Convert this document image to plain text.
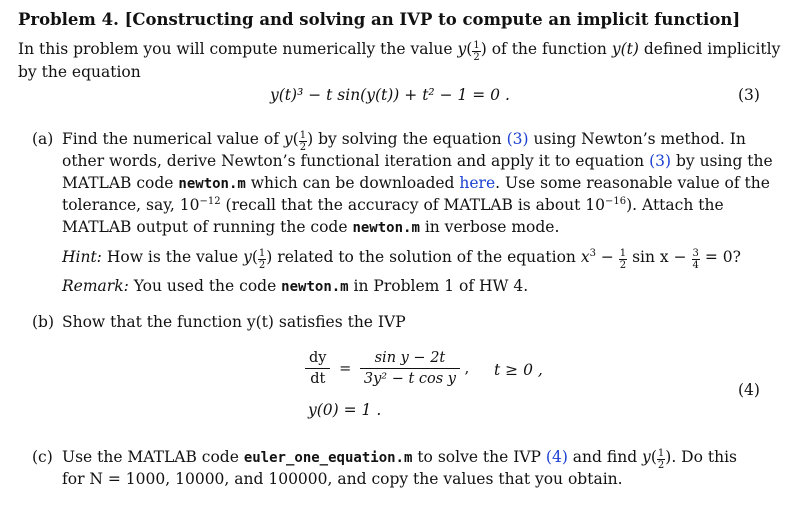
Problem 4. [Constructing and solving an IVP to compute an implicit function]
In this problem you will compute numerically the value $y( \frac{1}{2}$ ) of the function y(t) defined implicitly
by the equation
y(t)³ − t sin(y(t)) + t² − 1 = 0 .	(3)
(a) Find the numerical value of $y( \frac{1}{2}$ ) by solving the equation (3) using Newton’s method. In
other words, derive Newton’s functional iteration and apply it to equation (3) by using the
MATLAB code newton.m which can be downloaded here. Use some reasonable value of the
tolerance, say, $10^{-12}$ (recall that the accuracy of MATLAB is about $10^{-16}$). Attach the
MATLAB output of running the code newton.m in verbose mode.
Hint: How is the value $y( \frac{1}{2}$ ) related to the solution of the equation $x^3 - \frac{1}{2}$ $\sin x - \frac{3}{4} = 0$?
Remark: You used the code newton.m in Problem 1 of HW 4.
(b) Show that the function y(t) satisfies the IVP
$\frac{dy}{dt} = \frac{\text{sin y − 2t}}{\text{3y² − t cos y}}$ , t ≥ 0 ,
(4)
y(0) = 1 .
(c) Use the MATLAB code euler_one_equation.m to solve the IVP (4) and find $y( \frac{1}{2}$ ). Do this
for N = 1000, 10000, and 100000, and copy the values that you obtain.
